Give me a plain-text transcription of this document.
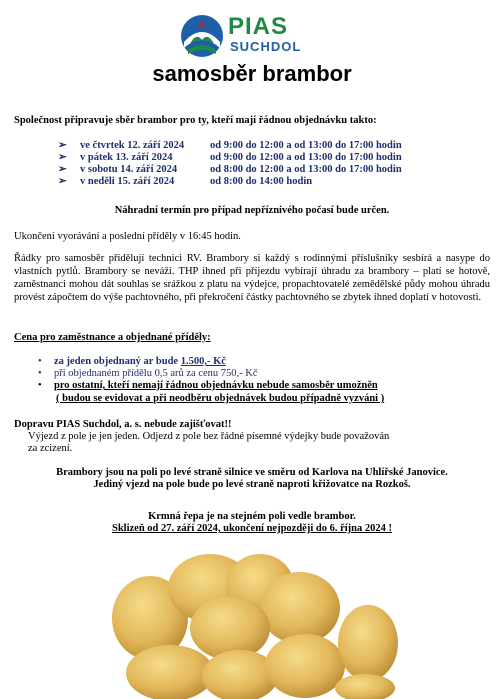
PIAS
SUCHDOL
samosběr brambor
Společnost připravuje sběr brambor pro ty, kteří mají řádnou objednávku takto:
➢ ve čtvrtek 12. září 2024 od 9:00 do 12:00 a od 13:00 do 17:00 hodin
➢ v pátek 13. září 2024	od 9:00 do 12:00 a od 13:00 do 17:00 hodin
➢ v sobotu 14. září 2024	od 8:00 do 12:00 a od 13:00 do 17:00 hodin
➢ v neděli 15. září 2024	od 8:00 do 14:00 hodin
Náhradní termín pro případ nepříznivého počasí bude určen.
Ukončení vyorávání a poslední příděly v 16:45 hodin.
Řádky pro samosběr přidělují technici RV. Brambory si každý s rodinnými příslušníky sesbírá a nasype do vlastních pytlů. Brambory se neváží. THP ihned při příjezdu vybírají úhradu za brambory – platí se hotově, zaměstnanci mohou dát souhlas se srážkou z platu na výdejce, propachtovatelé zemědělské půdy mohou úhradu provést zápočtem do výše pachtovného, při překročení částky pachtovného se zbytek ihned doplatí v hotovosti.
Cena pro zaměstnance a objednané příděly:
• za jeden objednaný ar bude 1.500,- Kč
• při objednaném přídělu 0,5 arů za cenu 750,- Kč
• pro ostatní, kteří nemají řádnou objednávku nebude samosběr umožněn
( budou se evidovat a při neodběru objednávek budou případně vyzváni )
Dopravu PIAS Suchdol, a. s. nebude zajišťovat!!
Výjezd z pole je jen jeden. Odjezd z pole bez řádné písemné výdejky bude považován
za zcizení.
Brambory jsou na poli po levé straně silnice ve směru od Karlova na Uhlířské Janovice.
Jediný vjezd na pole bude po levé straně naproti křižovatce na Rozkoš.
Krmná řepa je na stejném poli vedle brambor.
Sklizeň od 27. září 2024, ukončení nejpozději do 6. října 2024 !
